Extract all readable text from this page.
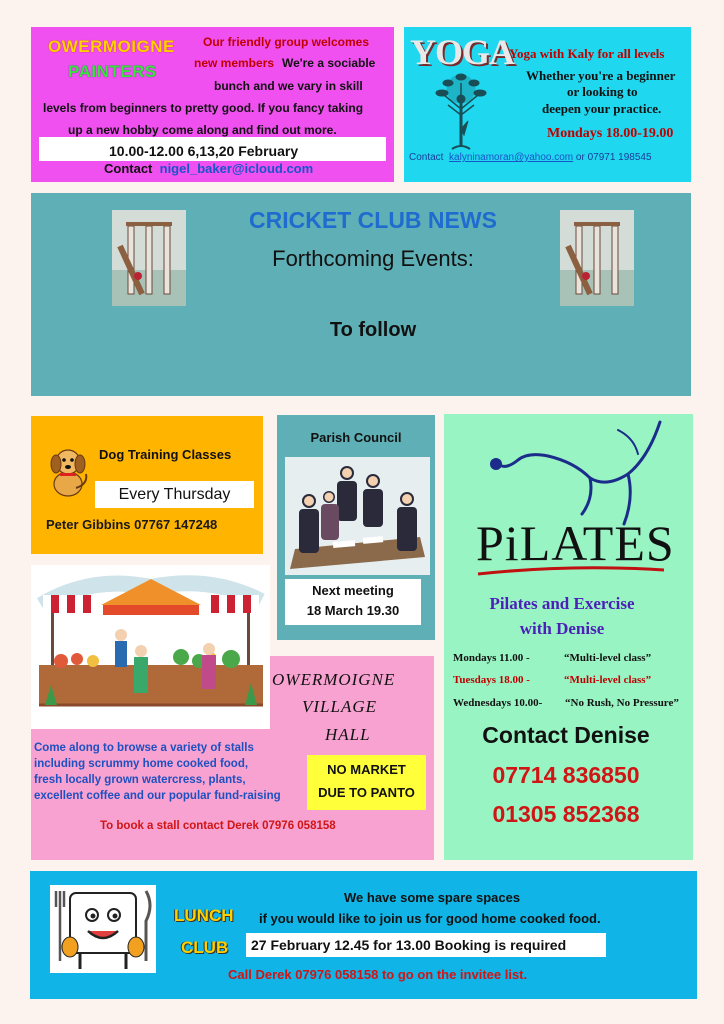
OWERMOIGNE
PAINTERS
Our friendly group welcomes
new members We're a sociable
bunch and we vary in skill
levels from beginners to pretty good. If you fancy taking
up a new hobby come along and find out more.
10.00-12.00 6,13,20 February
Contact nigel_baker@icloud.com
YOGA
Yoga with Kaly for all levels
Whether you're a beginner
or looking to
deepen your practice.
Mondays 18.00-19.00
Contact kalyninamoran@yahoo.com or 07971 198545
CRICKET CLUB NEWS
Forthcoming Events:
To follow
Dog Training Classes
Every Thursday
Peter Gibbins 07767 147248
Parish Council
Next meeting
18 March 19.30
PiLATES
Pilates and Exercise
with Denise
Mondays 11.00 -	“Multi-level class”
Tuesdays 18.00 -	“Multi-level class”
Wednesdays 10.00- “No Rush, No Pressure”
Contact Denise
07714 836850
01305 852368
OWERMOIGNE
VILLAGE
HALL
Come along to browse a variety of stalls
including scrummy home cooked food,
fresh locally grown watercress, plants,
excellent coffee and our popular fund-raising
NO MARKET
DUE TO PANTO
To book a stall contact Derek 07976 058158
LUNCH
CLUB
We have some spare spaces
if you would like to join us for good home cooked food.
27 February 12.45 for 13.00 Booking is required
Call Derek 07976 058158 to go on the invitee list.
